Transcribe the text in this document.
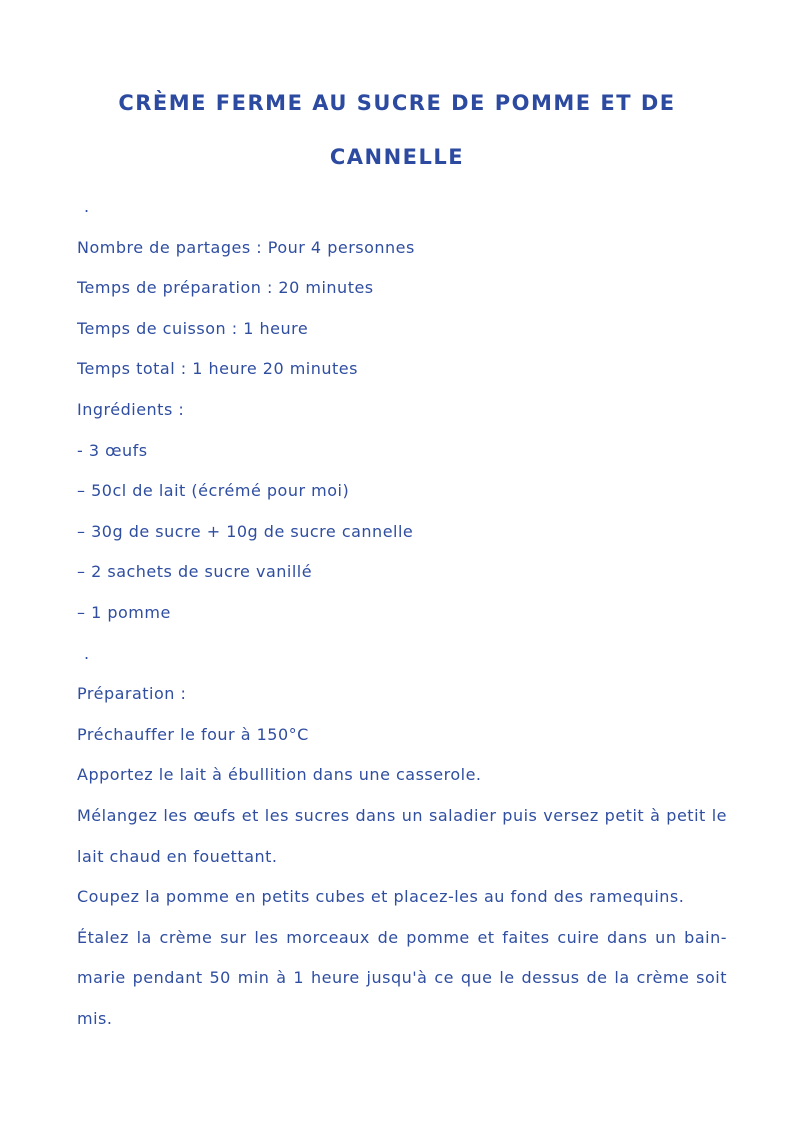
CRÈME FERME AU SUCRE DE POMME ET DE CANNELLE
.
Nombre de partages : Pour 4 personnes
Temps de préparation : 20 minutes
Temps de cuisson : 1 heure
Temps total : 1 heure 20 minutes
Ingrédients :
- 3 œufs
– 50cl de lait (écrémé pour moi)
– 30g de sucre + 10g de sucre cannelle
– 2 sachets de sucre vanillé
– 1 pomme
.
Préparation :
Préchauffer le four à 150°C
Apportez le lait à ébullition dans une casserole.
Mélangez les œufs et les sucres dans un saladier puis versez petit à petit le lait chaud en fouettant.
Coupez la pomme en petits cubes et placez-les au fond des ramequins.
Étalez la crème sur les morceaux de pomme et faites cuire dans un bain-marie pendant 50 min à 1 heure jusqu'à ce que le dessus de la crème soit mis.
